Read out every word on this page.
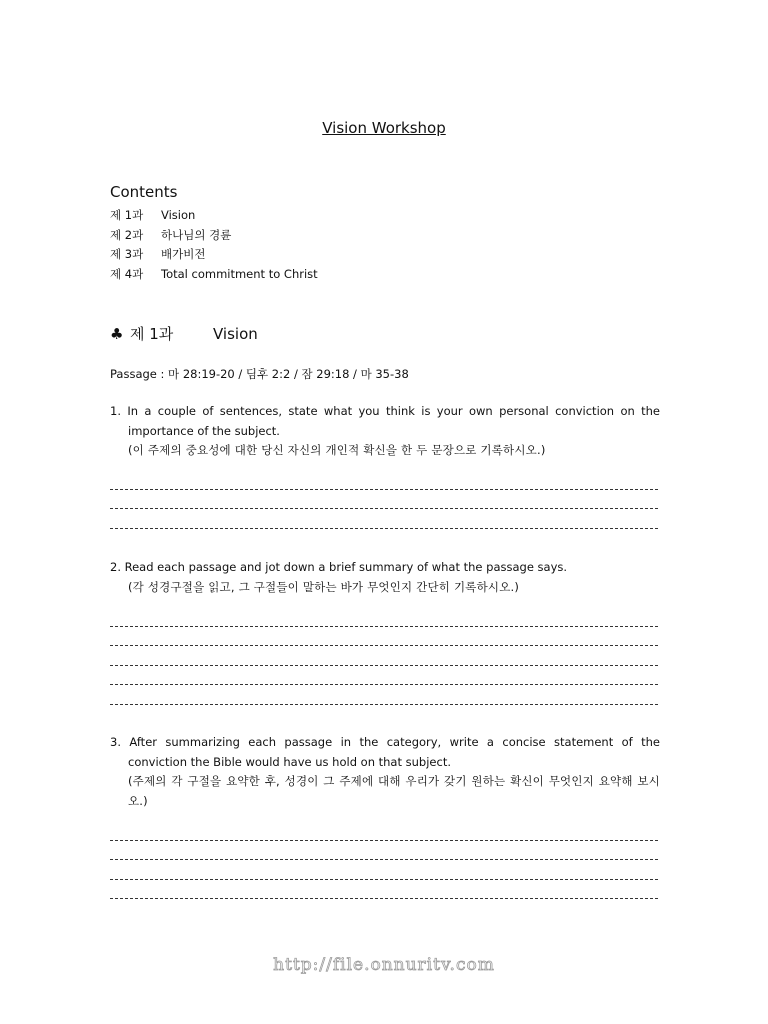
Vision Workshop
Contents
제 1과 Vision
제 2과 하나님의 경륜
제 3과 배가비전
제 4과 Total commitment to Christ
♣ 제 1과	Vision
Passage : 마 28:19-20 / 딤후 2:2 / 잠 29:18 / 마 35-38
1. In a couple of sentences, state what you think is your own personal conviction on the importance of the subject.
(이 주제의 중요성에 대한 당신 자신의 개인적 확신을 한 두 문장으로 기록하시오.)
2. Read each passage and jot down a brief summary of what the passage says.
(각 성경구절을 읽고, 그 구절들이 말하는 바가 무엇인지 간단히 기록하시오.)
3. After summarizing each passage in the category, write a concise statement of the conviction the Bible would have us hold on that subject.
(주제의 각 구절을 요약한 후, 성경이 그 주제에 대해 우리가 갖기 원하는 확신이 무엇인지 요약해 보시오.)
http://file.onnuritv.com
